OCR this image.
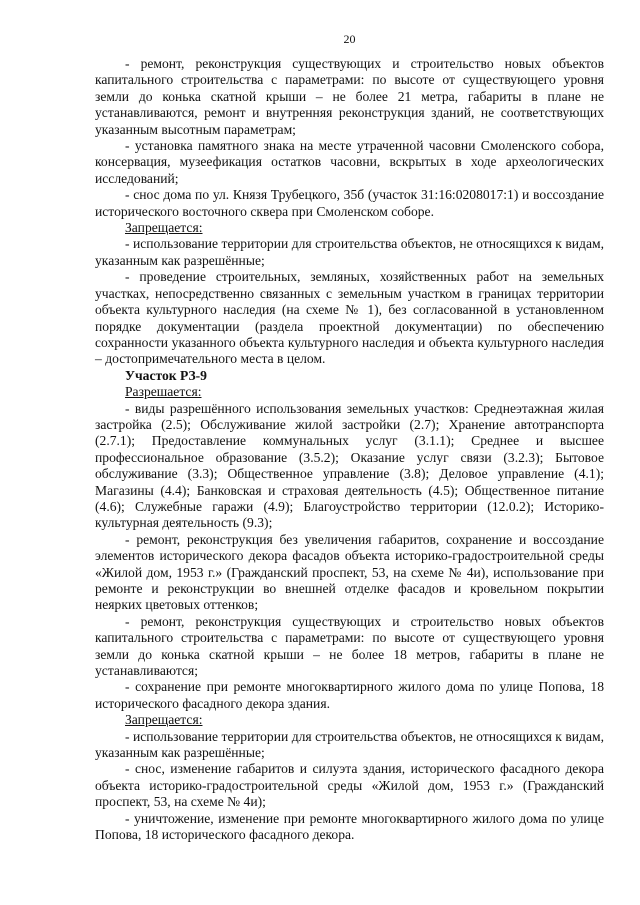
20

- ремонт, реконструкция существующих и строительство новых объектов капитального строительства с параметрами: по высоте от существующего уровня земли до конька скатной крыши – не более 21 метра, габариты в плане не устанавливаются, ремонт и внутренняя реконструкция зданий, не соответствующих указанным высотным параметрам;

- установка памятного знака на месте утраченной часовни Смоленского собора, консервация, музеефикация остатков часовни, вскрытых в ходе археологических исследований;

- снос дома по ул. Князя Трубецкого, 35б (участок 31:16:0208017:1) и воссоздание исторического восточного сквера при Смоленском соборе.

Запрещается:

- использование территории для строительства объектов, не относящихся к видам, указанным как разрешённые;

- проведение строительных, земляных, хозяйственных работ на земельных участках, непосредственно связанных с земельным участком в границах территории объекта культурного наследия (на схеме № 1), без согласованной в установленном порядке документации (раздела проектной документации) по обеспечению сохранности указанного объекта культурного наследия и объекта культурного наследия – достопримечательного места в целом.

Участок РЗ-9

Разрешается:

- виды разрешённого использования земельных участков: Среднеэтажная жилая застройка (2.5); Обслуживание жилой застройки (2.7); Хранение автотранспорта (2.7.1); Предоставление коммунальных услуг (3.1.1); Среднее и высшее профессиональное образование (3.5.2); Оказание услуг связи (3.2.3); Бытовое обслуживание (3.3); Общественное управление (3.8); Деловое управление (4.1); Магазины (4.4); Банковская и страховая деятельность (4.5); Общественное питание (4.6); Служебные гаражи (4.9); Благоустройство территории (12.0.2); Историко-культурная деятельность (9.3);

- ремонт, реконструкция без увеличения габаритов, сохранение и воссоздание элементов исторического декора фасадов объекта историко-градостроительной среды «Жилой дом, 1953 г.» (Гражданский проспект, 53, на схеме № 4и), использование при ремонте и реконструкции во внешней отделке фасадов и кровельном покрытии неярких цветовых оттенков;

- ремонт, реконструкция существующих и строительство новых объектов капитального строительства с параметрами: по высоте от существующего уровня земли до конька скатной крыши – не более 18 метров, габариты в плане не устанавливаются;

- сохранение при ремонте многоквартирного жилого дома по улице Попова, 18 исторического фасадного декора здания.

Запрещается:

- использование территории для строительства объектов, не относящихся к видам, указанным как разрешённые;

- снос, изменение габаритов и силуэта здания, исторического фасадного декора объекта историко-градостроительной среды «Жилой дом, 1953 г.» (Гражданский проспект, 53, на схеме № 4и);

- уничтожение, изменение при ремонте многоквартирного жилого дома по улице Попова, 18 исторического фасадного декора.
